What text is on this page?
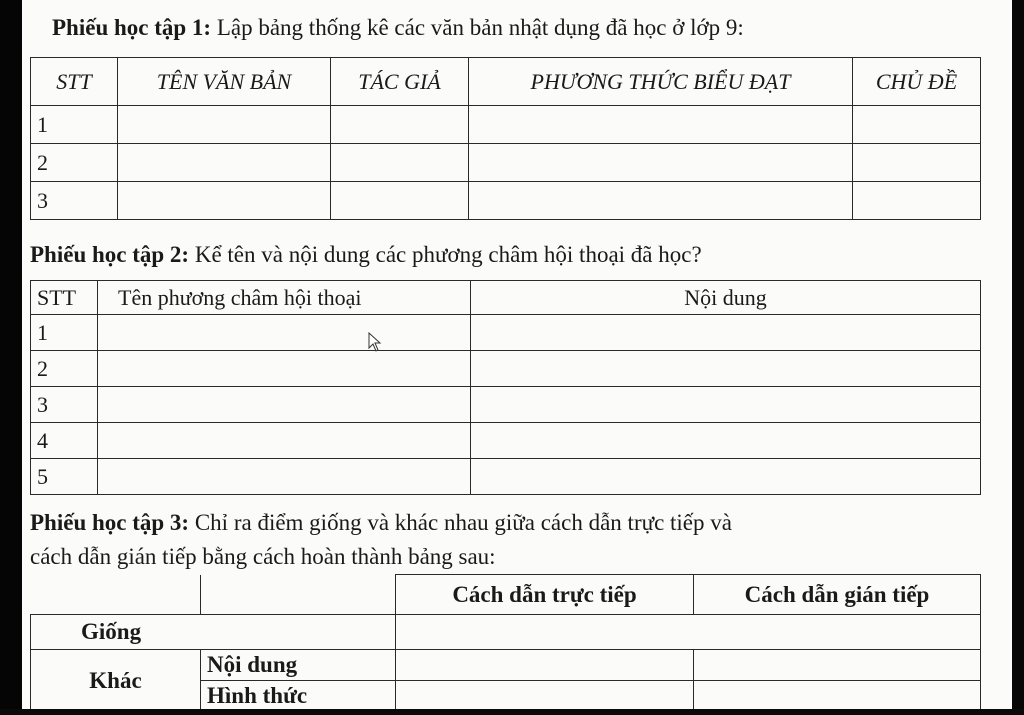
Phiếu học tập 1: Lập bảng thống kê các văn bản nhật dụng đã học ở lớp 9:
STT	TÊN VĂN BẢN	TÁC GIẢ	PHƯƠNG THỨC BIỂU ĐẠT	CHỦ ĐỀ
1				
2				
3				
Phiếu học tập 2: Kể tên và nội dung các phương châm hội thoại đã học?
STT	Tên phương châm hội thoại	Nội dung
1		
2		
3		
4		
5		
Phiếu học tập 3: Chỉ ra điểm giống và khác nhau giữa cách dẫn trực tiếp và
cách dẫn gián tiếp bằng cách hoàn thành bảng sau:
		Cách dẫn trực tiếp	Cách dẫn gián tiếp
Giống			
Khác	Nội dung		
	Hình thức		
